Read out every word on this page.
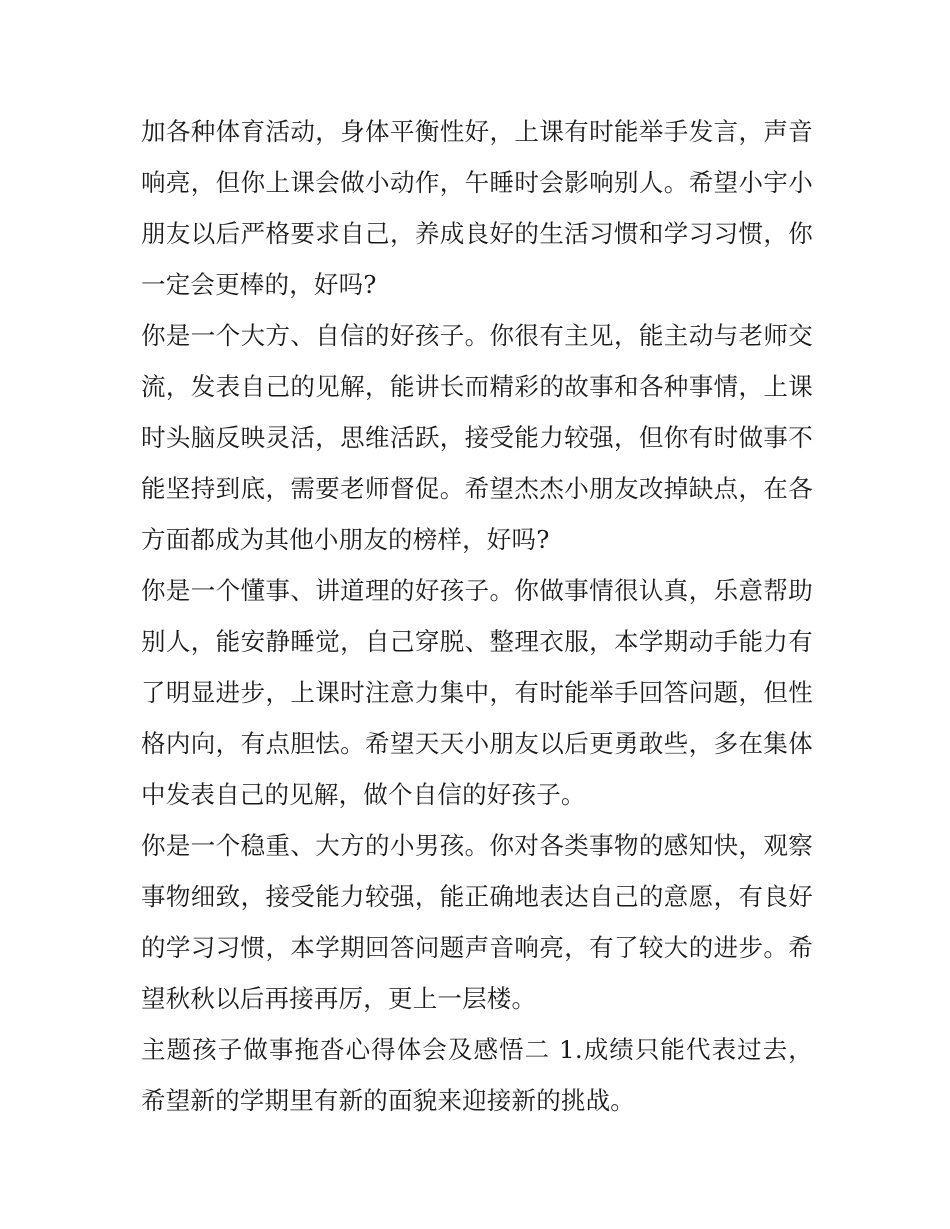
加各种体育活动，身体平衡性好，上课有时能举手发言，声音响亮，但你上课会做小动作，午睡时会影响别人。希望小宇小朋友以后严格要求自己，养成良好的生活习惯和学习习惯，你一定会更棒的，好吗?

你是一个大方、自信的好孩子。你很有主见，能主动与老师交流，发表自己的见解，能讲长而精彩的故事和各种事情，上课时头脑反映灵活，思维活跃，接受能力较强，但你有时做事不能坚持到底，需要老师督促。希望杰杰小朋友改掉缺点，在各方面都成为其他小朋友的榜样，好吗?

你是一个懂事、讲道理的好孩子。你做事情很认真，乐意帮助别人，能安静睡觉，自己穿脱、整理衣服，本学期动手能力有了明显进步，上课时注意力集中，有时能举手回答问题，但性格内向，有点胆怯。希望天天小朋友以后更勇敢些，多在集体中发表自己的见解，做个自信的好孩子。

你是一个稳重、大方的小男孩。你对各类事物的感知快，观察事物细致，接受能力较强，能正确地表达自己的意愿，有良好的学习习惯，本学期回答问题声音响亮，有了较大的进步。希望秋秋以后再接再厉，更上一层楼。

主题孩子做事拖沓心得体会及感悟二 1.成绩只能代表过去，希望新的学期里有新的面貌来迎接新的挑战。
